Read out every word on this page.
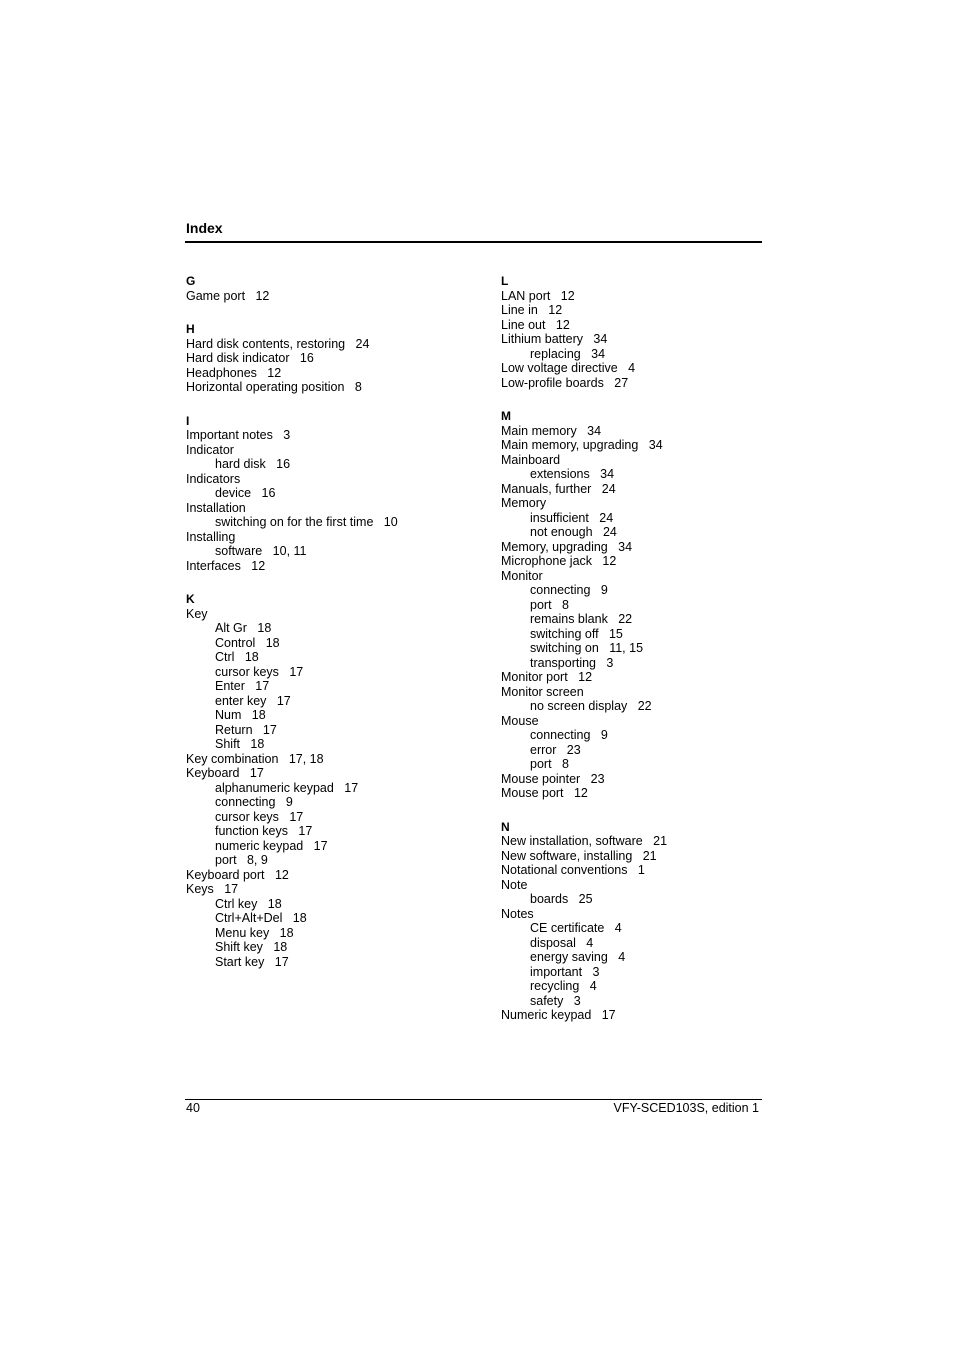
Index
G
Game port   12
H
Hard disk contents, restoring   24
Hard disk indicator   16
Headphones   12
Horizontal operating position   8
I
Important notes   3
Indicator
hard disk   16
Indicators
device   16
Installation
switching on for the first time   10
Installing
software   10, 11
Interfaces   12
K
Key
Alt Gr   18
Control   18
Ctrl   18
cursor keys   17
Enter   17
enter key   17
Num   18
Return   17
Shift   18
Key combination   17, 18
Keyboard   17
alphanumeric keypad   17
connecting   9
cursor keys   17
function keys   17
numeric keypad   17
port   8, 9
Keyboard port   12
Keys   17
Ctrl key   18
Ctrl+Alt+Del   18
Menu key   18
Shift key   18
Start key   17
L
LAN port   12
Line in   12
Line out   12
Lithium battery   34
replacing   34
Low voltage directive   4
Low-profile boards   27
M
Main memory   34
Main memory, upgrading   34
Mainboard
extensions   34
Manuals, further   24
Memory
insufficient   24
not enough   24
Memory, upgrading   34
Microphone jack   12
Monitor
connecting   9
port   8
remains blank   22
switching off   15
switching on   11, 15
transporting   3
Monitor port   12
Monitor screen
no screen display   22
Mouse
connecting   9
error   23
port   8
Mouse pointer   23
Mouse port   12
N
New installation, software   21
New software, installing   21
Notational conventions   1
Note
boards   25
Notes
CE certificate   4
disposal   4
energy saving   4
important   3
recycling   4
safety   3
Numeric keypad   17
40	VFY-SCED103S, edition 1
